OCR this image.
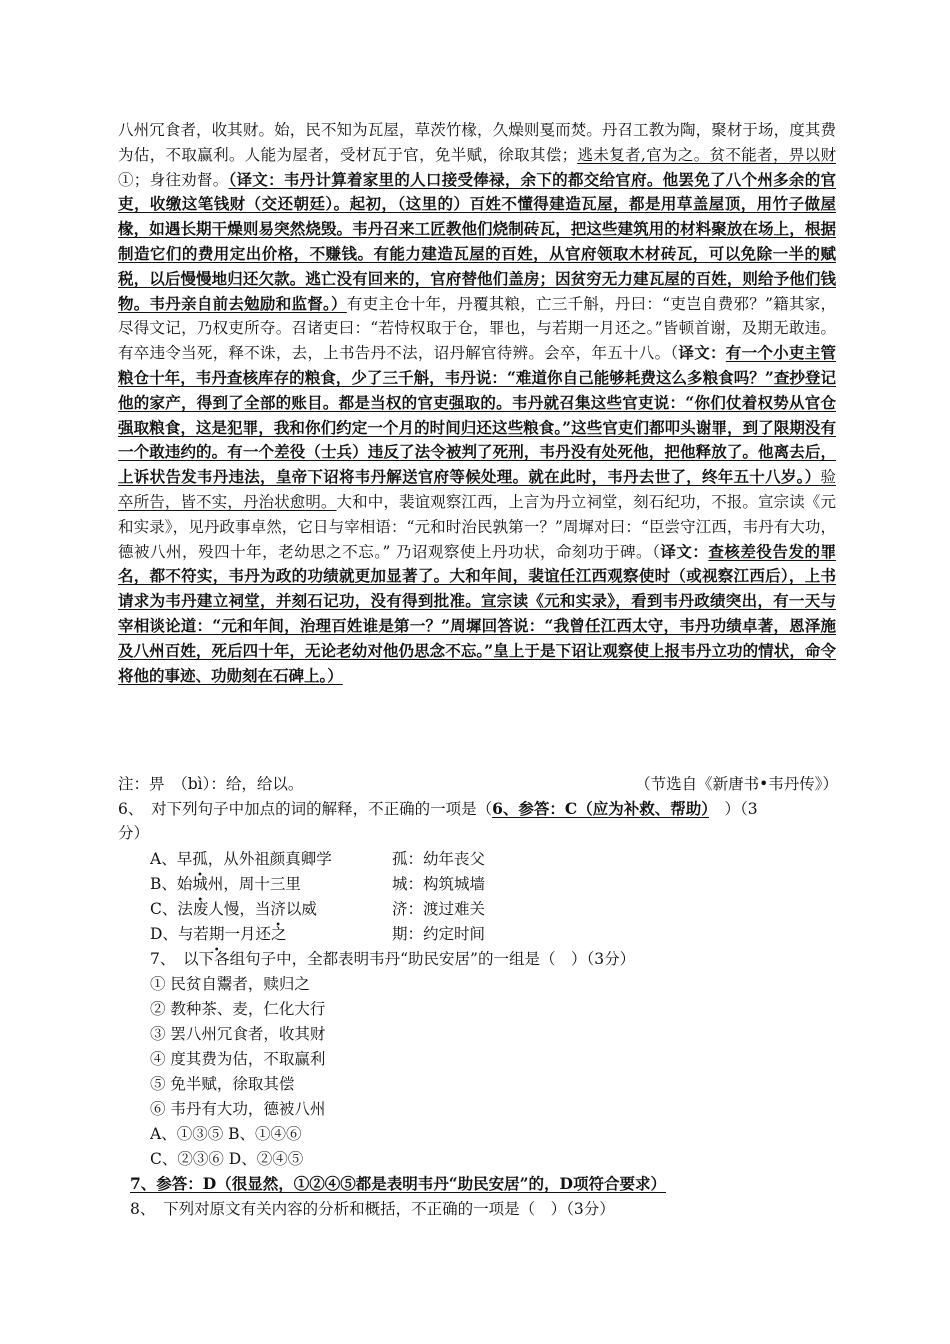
八州冗食者，收其财。始，民不知为瓦屋，草茨竹椽，久燥则戛而焚。丹召工教为陶，聚材于场，度其费为估，不取赢利。人能为屋者，受材瓦于官，免半赋，徐取其偿；逃未复者,官为之。贫不能者，畀以财①；身往劝督。（译文：韦丹计算着家里的人口接受俸禄，余下的都交给官府。他罢免了八个州多余的官吏，收缴这笔钱财（交还朝廷）。起初，（这里的）百姓不懂得建造瓦屋，都是用草盖屋顶，用竹子做屋椽，如遇长期干燥则易突然烧毁。韦丹召来工匠教他们烧制砖瓦，把这些建筑用的材料聚放在场上，根据制造它们的费用定出价格，不赚钱。有能力建造瓦屋的百姓，从官府领取木材砖瓦，可以免除一半的赋税，以后慢慢地归还欠款。逃亡没有回来的，官府替他们盖房；因贫穷无力建瓦屋的百姓，则给予他们钱物。韦丹亲自前去勉励和监督。）有吏主仓十年，丹覆其粮，亡三千斛，丹曰：“吏岂自费邪？”籍其家，尽得文记，乃权吏所夺。召诸吏曰：“若恃权取于仓，罪也，与若期一月还之。”皆顿首谢，及期无敢违。有卒违令当死，释不诛，去，上书告丹不法，诏丹解官待辨。会卒，年五十八。（译文：有一个小吏主管粮仓十年，韦丹查核库存的粮食，少了三千斛，韦丹说：“难道你自己能够耗费这么多粮食吗？”查抄登记他的家产，得到了全部的账目。都是当权的官吏强取的。韦丹就召集这些官吏说：“你们仗着权势从官仓强取粮食，这是犯罪，我和你们约定一个月的时间归还这些粮食。”这些官吏们都叩头谢罪，到了限期没有一个敢违约的。有一个差役（士兵）违反了法令被判了死刑，韦丹没有处死他，把他释放了。他离去后，上诉状告发韦丹违法，皇帝下诏将韦丹解送官府等候处理。就在此时，韦丹去世了，终年五十八岁。）验卒所告，皆不实，丹治状愈明。大和中，裴谊观察江西，上言为丹立祠堂，刻石纪功，不报。宣宗读《元和实录》，见丹政事卓然，它日与宰相语：“元和时治民孰第一？”周墀对曰：“臣尝守江西，韦丹有大功，德被八州，殁四十年，老幼思之不忘。” 乃诏观察使上丹功状，命刻功于碑。（译文：查核差役告发的罪名，都不符实，韦丹为政的功绩就更加显著了。大和年间，裴谊任江西观察使时（或视察江西后），上书请求为韦丹建立祠堂，并刻石记功，没有得到批准。宣宗读《元和实录》，看到韦丹政绩突出，有一天与宰相谈论道：“元和年间，治理百姓谁是第一？”周墀回答说：“我曾任江西太守，韦丹功绩卓著，恩泽施及八州百姓，死后四十年，无论老幼对他仍思念不忘。”皇上于是下诏让观察使上报韦丹立功的情状，命令将他的事迹、功勋刻在石碑上。）
注：畀　（bì）：给，给以。	（节选自《新唐书•韦丹传》）
6、　对下列句子中加点的词的解释，不正确的一项是（6、参答：C（应为补救、帮助）　）（3
分）
A、早孤，从外祖颜真卿学	孤：幼年丧父
B、始城州，周十三里	城：构筑城墙
C、法废人慢，当济以威	济：渡过难关
D、与若期一月还之	期：约定时间
7、　以下各组句子中，全都表明韦丹“助民安居”的一组是（　）（3分）
① 民贫自鬻者，赎归之
② 教种茶、麦，仁化大行
③ 罢八州冗食者，收其财
④ 度其费为估，不取赢利
⑤ 免半赋，徐取其偿
⑥ 韦丹有大功，德被八州
A、①③⑤ B、①④⑥
C、②③⑥ D、②④⑤
7、参答：D（很显然，①②④⑤都是表明韦丹“助民安居”的，D项符合要求）
8、　下列对原文有关内容的分析和概括，不正确的一项是（　）（3分）
